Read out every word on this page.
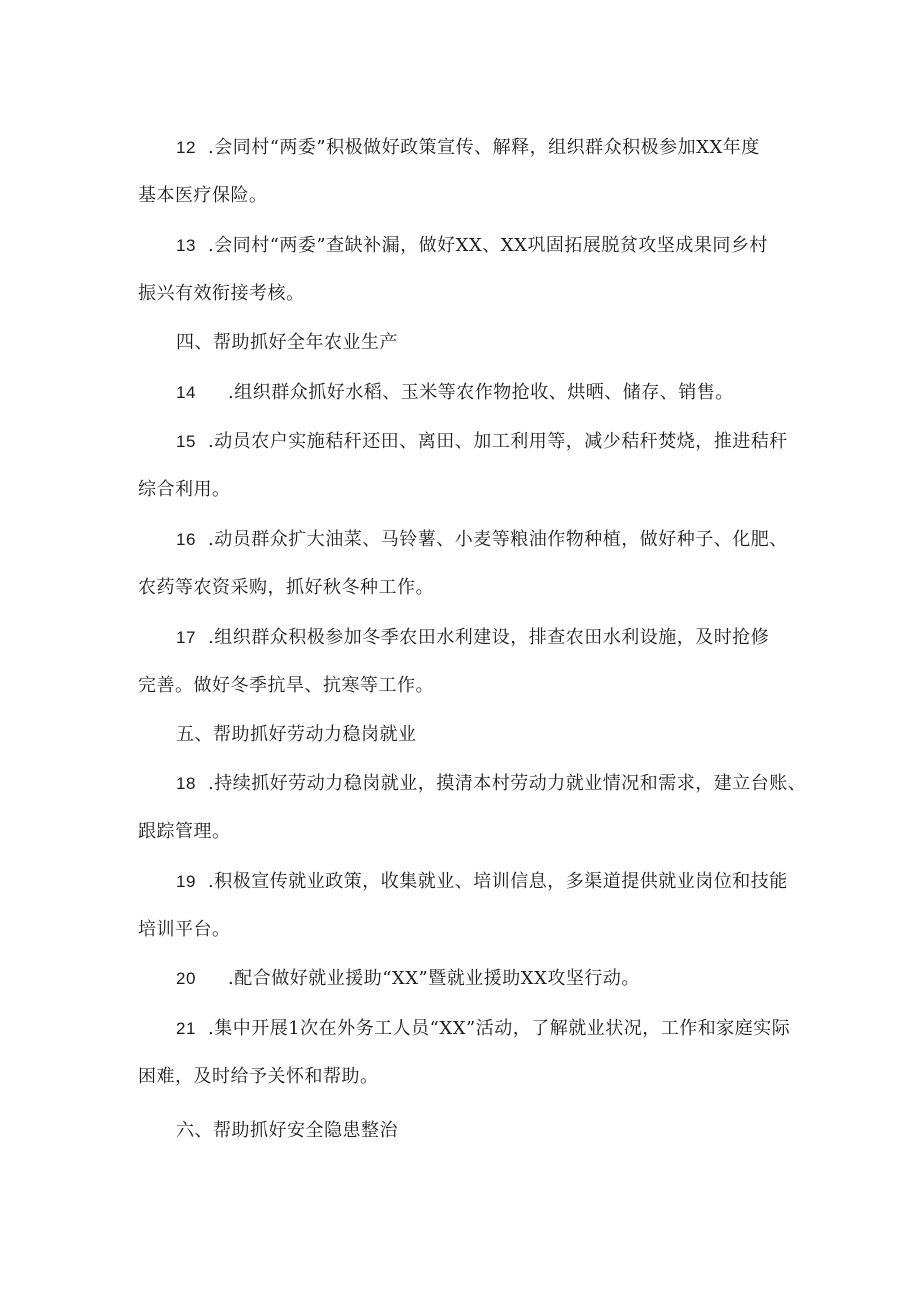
12 .会同村“两委”积极做好政策宣传、解释，组织群众积极参加XX年度
基本医疗保险。

13 .会同村“两委”查缺补漏，做好XX、XX巩固拓展脱贫攻坚成果同乡村
振兴有效衔接考核。

四、帮助抓好全年农业生产

14 .组织群众抓好水稻、玉米等农作物抢收、烘晒、储存、销售。

15 .动员农户实施秸秆还田、离田、加工利用等，减少秸秆焚烧，推进秸秆
综合利用。

16 .动员群众扩大油菜、马铃薯、小麦等粮油作物种植，做好种子、化肥、
农药等农资采购，抓好秋冬种工作。

17 .组织群众积极参加冬季农田水利建设，排查农田水利设施，及时抢修
完善。做好冬季抗旱、抗寒等工作。

五、帮助抓好劳动力稳岗就业

18 .持续抓好劳动力稳岗就业，摸清本村劳动力就业情况和需求，建立台账、
跟踪管理。

19 .积极宣传就业政策，收集就业、培训信息，多渠道提供就业岗位和技能
培训平台。

20 .配合做好就业援助“XX”暨就业援助XX攻坚行动。

21 .集中开展1次在外务工人员“XX”活动，了解就业状况，工作和家庭实际
困难，及时给予关怀和帮助。

六、帮助抓好安全隐患整治
